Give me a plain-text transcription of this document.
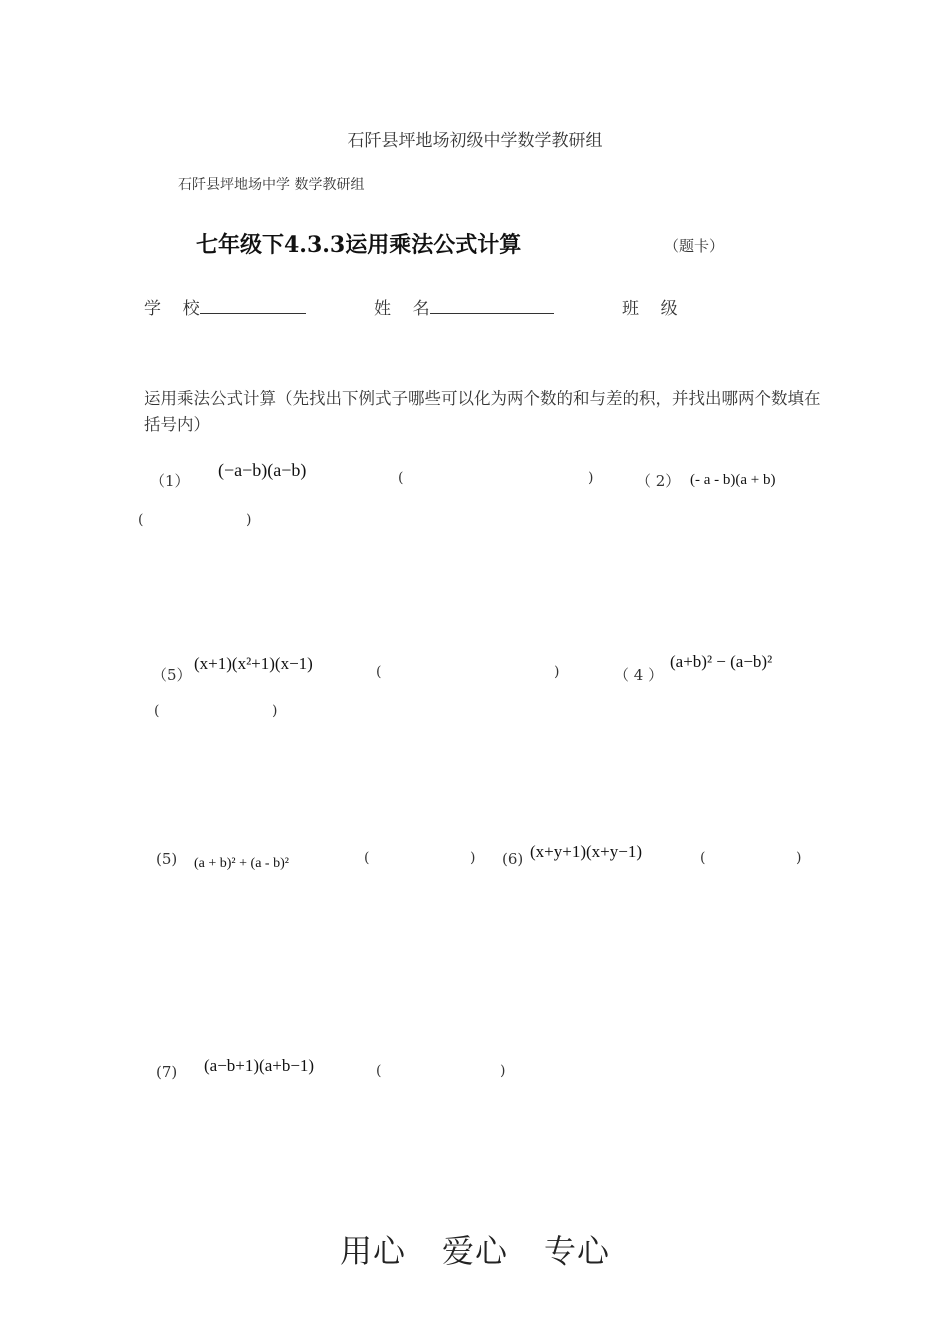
石阡县坪地场初级中学数学教研组
石阡县坪地场中学 数学教研组
七年级下4.3.3运用乘法公式计算	（题卡）
学    校	姓    名	班    级
运用乘法公式计算（先找出下例式子哪些可以化为两个数的和与差的积，并找出哪两个数填在括号内）
（1）
(−a−b)(a−b)	(	)	（ 2） (- a - b)(a + b)
(	)
（5）
(x+1)(x²+1)(x−1)	(	)	（ 4 ）
(a+b)² − (a−b)²
(	)
(5) (a + b)² + (a - b)²	(	) (6) (x+y+1)(x+y−1)	(	)
(7) (a−b+1)(a+b−1)	(	)
用心 爱心 专心
